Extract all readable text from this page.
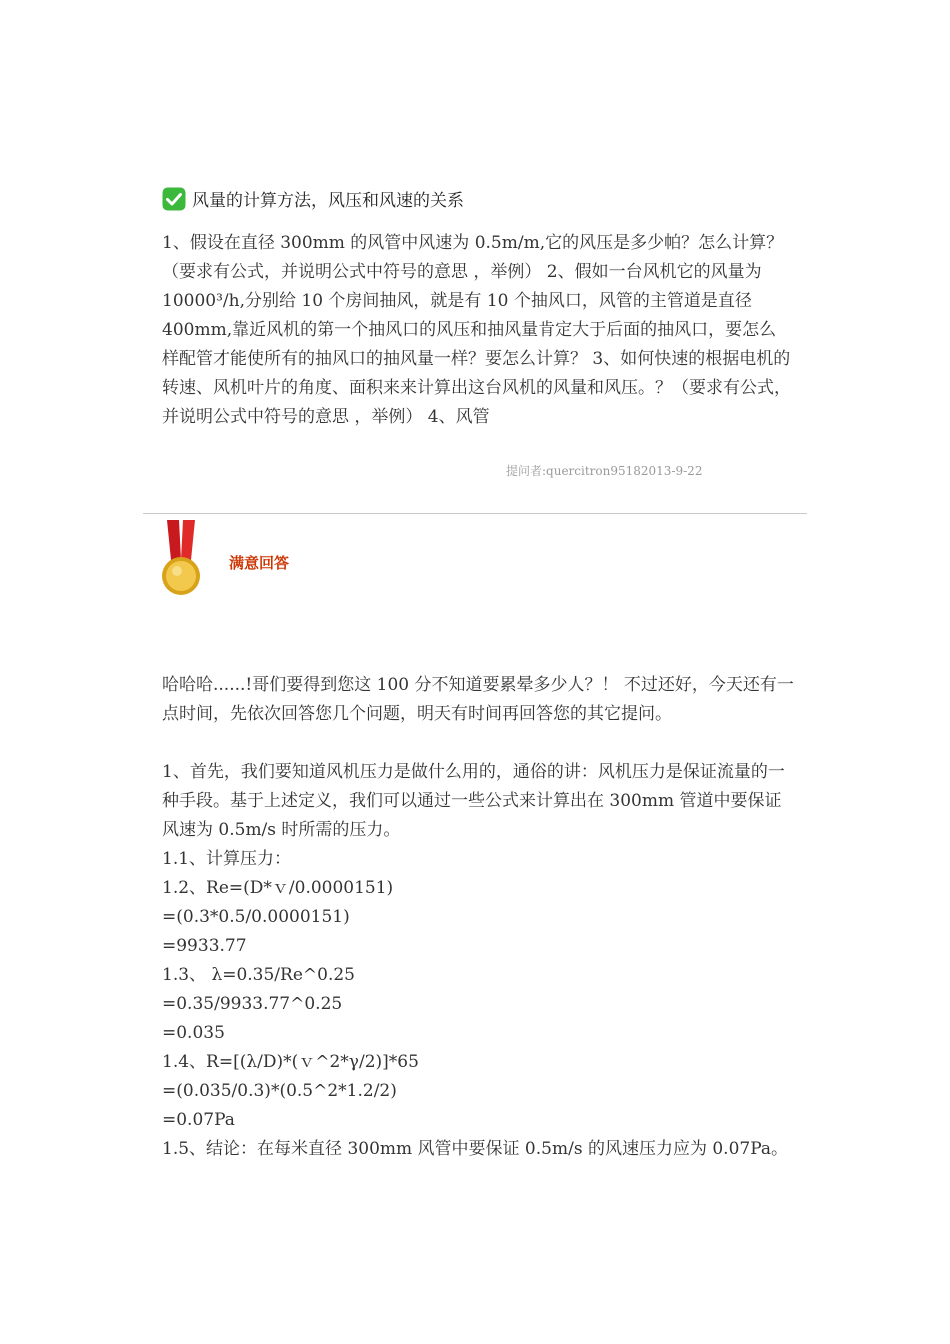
风量的计算方法，风压和风速的关系
1、假设在直径 300mm 的风管中风速为 0.5m/m,它的风压是多少帕？怎么计算？（要求有公式，并说明公式中符号的意思 ，举例） 2、假如一台风机它的风量为 10000³/h,分别给 10 个房间抽风，就是有 10 个抽风口，风管的主管道是直径 400mm,靠近风机的第一个抽风口的风压和抽风量肯定大于后面的抽风口，要怎么样配管才能使所有的抽风口的抽风量一样？要怎么计算？ 3、如何快速的根据电机的转速、风机叶片的角度、面积来来计算出这台风机的风量和风压。？（要求有公式，并说明公式中符号的意思 ，举例） 4、风管
提问者:quercitron95182013-9-22
满意回答

哈哈哈......!哥们要得到您这 100 分不知道要累晕多少人？！ 不过还好，今天还有一点时间，先依次回答您几个问题，明天有时间再回答您的其它提问。

1、首先，我们要知道风机压力是做什么用的，通俗的讲：风机压力是保证流量的一种手段。基于上述定义，我们可以通过一些公式来计算出在 300mm 管道中要保证风速为 0.5m/s 时所需的压力。

1.1、计算压力：
1.2、Re=(D*ｖ/0.0000151)
=(0.3*0.5/0.0000151)
=9933.77
1.3、 λ=0.35/Re^0.25
=0.35/9933.77^0.25
=0.035
1.4、R=[(λ/D)*(ｖ^2*γ/2)]*65
=(0.035/0.3)*(0.5^2*1.2/2)
=0.07Pa

1.5、结论：在每米直径 300mm 风管中要保证 0.5m/s 的风速压力应为 0.07Pa。
